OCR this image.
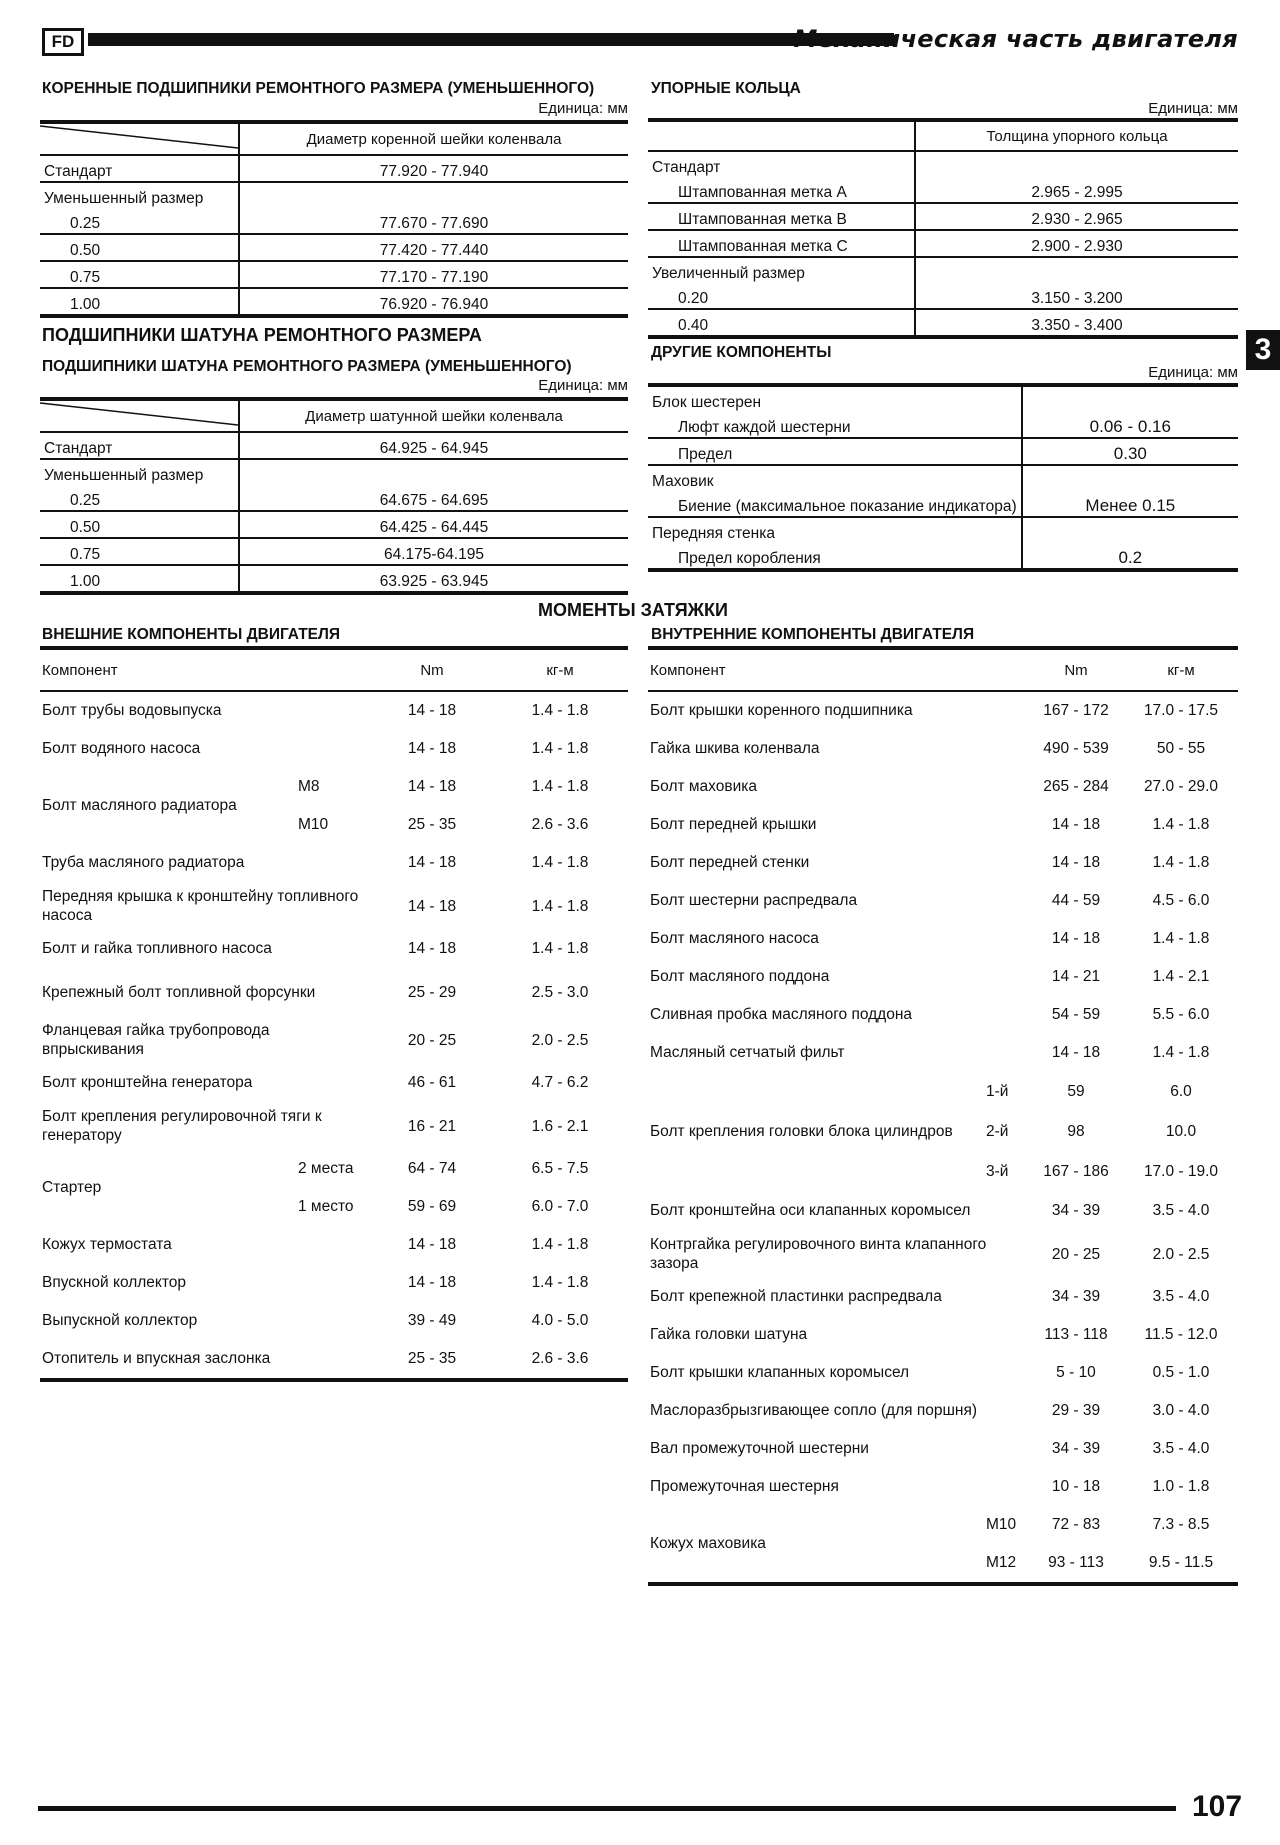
FD	Механическая часть двигателя
3
КОРЕННЫЕ ПОДШИПНИКИ РЕМОНТНОГО РАЗМЕРА (УМЕНЬШЕННОГО)
Единица: мм
	Диаметр коренной шейки коленвала
Стандарт	77.920 - 77.940
Уменьшенный размер	
0.25	77.670 - 77.690
0.50	77.420 - 77.440
0.75	77.170 - 77.190
1.00	76.920 - 76.940
ПОДШИПНИКИ ШАТУНА РЕМОНТНОГО РАЗМЕРА
ПОДШИПНИКИ ШАТУНА РЕМОНТНОГО РАЗМЕРА (УМЕНЬШЕННОГО)
Единица: мм
	Диаметр шатунной шейки коленвала
Стандарт	64.925 - 64.945
Уменьшенный размер	
0.25	64.675 - 64.695
0.50	64.425 - 64.445
0.75	64.175-64.195
1.00	63.925 - 63.945
УПОРНЫЕ КОЛЬЦА
Единица: мм
	Толщина упорного кольца
Стандарт	
Штампованная метка А	2.965 - 2.995
Штампованная метка В	2.930 - 2.965
Штампованная метка С	2.900 - 2.930
Увеличенный размер	
0.20	3.150 - 3.200
0.40	3.350 - 3.400
ДРУГИЕ КОМПОНЕНТЫ
Единица: мм
Блок шестерен	
Люфт каждой шестерни	0.06 - 0.16
Предел	0.30
Маховик	
Биение (максимальное показание индикатора)	Менее 0.15
Передняя стенка	
Предел коробления	0.2
МОМЕНТЫ ЗАТЯЖКИ
ВНЕШНИЕ КОМПОНЕНТЫ ДВИГАТЕЛЯ	ВНУТРЕННИЕ КОМПОНЕНТЫ ДВИГАТЕЛЯ
Компонент		Nm	кг-м
Болт трубы водовыпуска		14 - 18	1.4 - 1.8
Болт водяного насоса		14 - 18	1.4 - 1.8
Болт масляного радиатора	M8	14 - 18	1.4 - 1.8
	M10	25 - 35	2.6 - 3.6
Труба масляного радиатора		14 - 18	1.4 - 1.8
Передняя крышка к кронштейну топливного насоса		14 - 18	1.4 - 1.8
Болт и гайка топливного насоса		14 - 18	1.4 - 1.8
Крепежный болт топливной форсунки		25 - 29	2.5 - 3.0
Фланцевая гайка трубопровода впрыскивания		20 - 25	2.0 - 2.5
Болт кронштейна генератора		46 - 61	4.7 - 6.2
Болт крепления регулировочной тяги к генератору		16 - 21	1.6 - 2.1
Стартер	2 места	64 - 74	6.5 - 7.5
	1 место	59 - 69	6.0 - 7.0
Кожух термостата		14 - 18	1.4 - 1.8
Впускной коллектор		14 - 18	1.4 - 1.8
Выпускной коллектор		39 - 49	4.0 - 5.0
Отопитель и впускная заслонка		25 - 35	2.6 - 3.6
Компонент		Nm	кг-м
Болт крышки коренного подшипника		167 - 172	17.0 - 17.5
Гайка шкива коленвала		490 - 539	50 - 55
Болт маховика		265 - 284	27.0 - 29.0
Болт передней крышки		14 - 18	1.4 - 1.8
Болт передней стенки		14 - 18	1.4 - 1.8
Болт шестерни распредвала		44 - 59	4.5 - 6.0
Болт масляного насоса		14 - 18	1.4 - 1.8
Болт масляного поддона		14 - 21	1.4 - 2.1
Сливная пробка масляного поддона		54 - 59	5.5 - 6.0
Масляный сетчатый фильт		14 - 18	1.4 - 1.8
Болт крепления головки блока цилиндров	1-й	59	6.0
	2-й	98	10.0
	3-й	167 - 186	17.0 - 19.0
Болт кронштейна оси клапанных коромысел		34 - 39	3.5 - 4.0
Контргайка регулировочного винта клапанного зазора		20 - 25	2.0 - 2.5
Болт крепежной пластинки распредвала		34 - 39	3.5 - 4.0
Гайка головки шатуна		113 - 118	11.5 - 12.0
Болт крышки клапанных коромысел		5 - 10	0.5 - 1.0
Маслоразбрызгивающее сопло (для поршня)		29 - 39	3.0 - 4.0
Вал промежуточной шестерни		34 - 39	3.5 - 4.0
Промежуточная шестерня		10 - 18	1.0 - 1.8
Кожух маховика	M10	72 - 83	7.3 - 8.5
	M12	93 - 113	9.5 - 11.5
107
